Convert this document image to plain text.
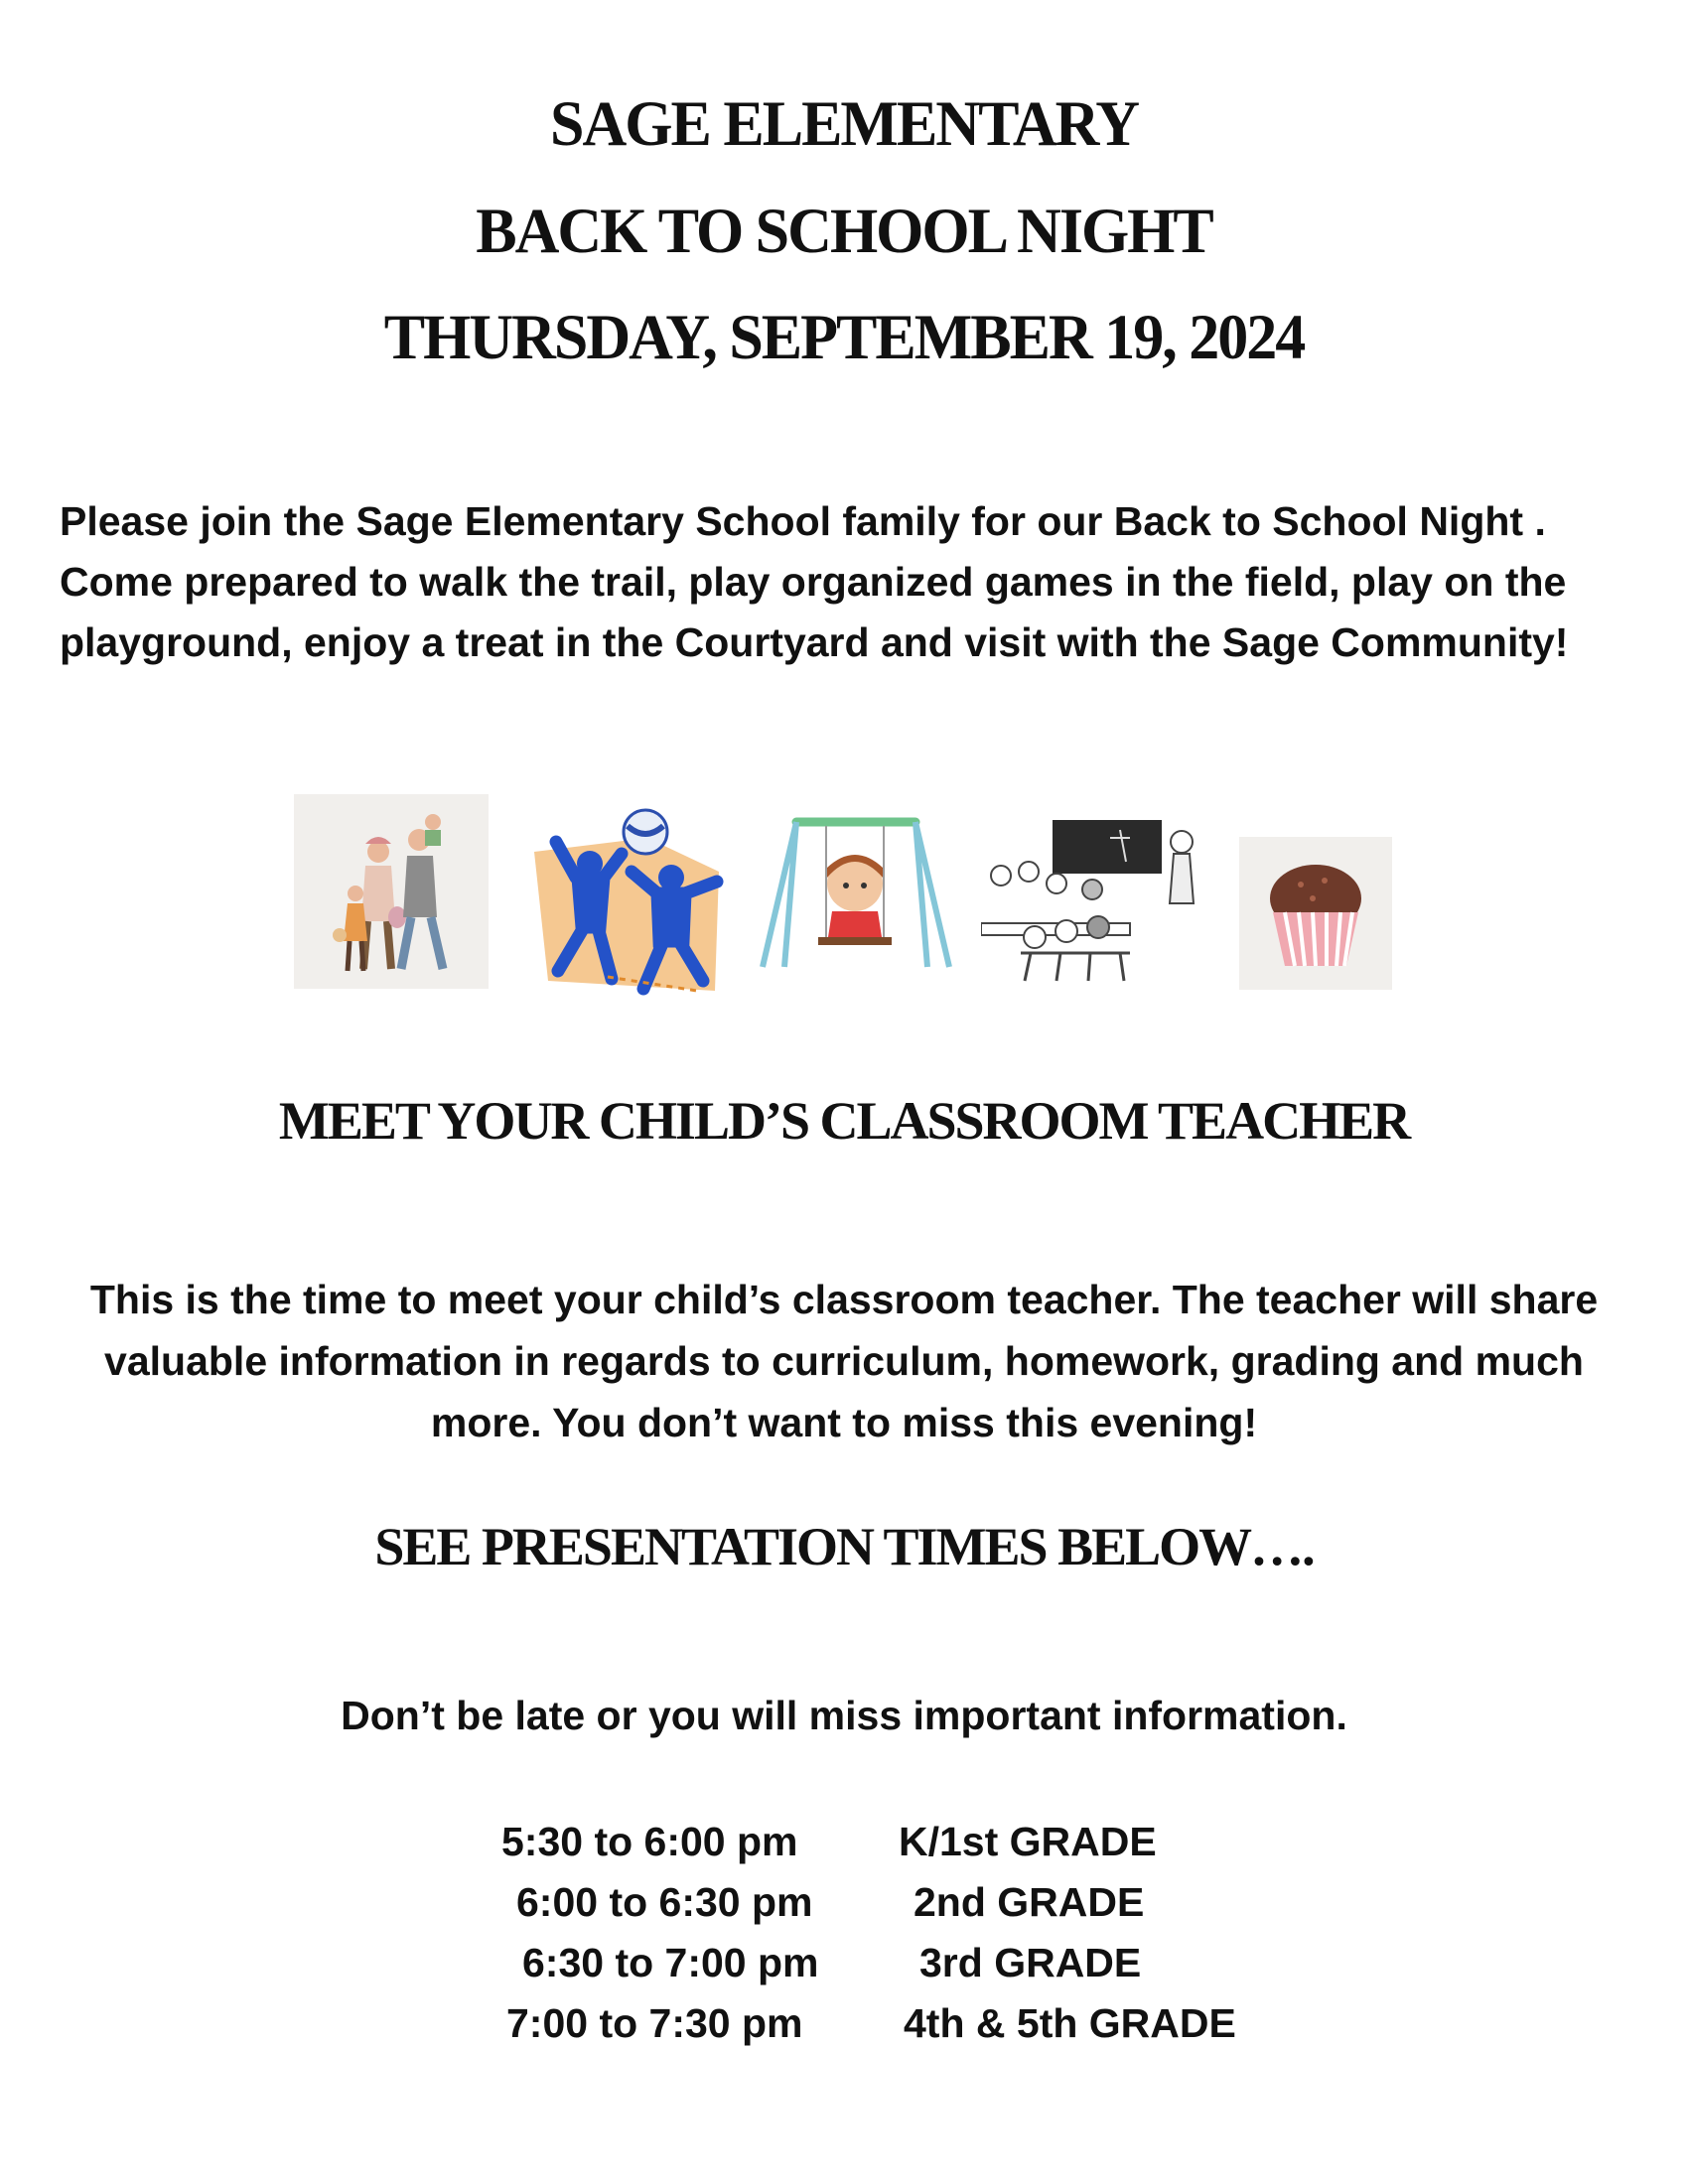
SAGE ELEMENTARY
BACK TO SCHOOL NIGHT
THURSDAY, SEPTEMBER 19, 2024

Please join the Sage Elementary School family for our Back to School Night . Come prepared to walk the trail, play organized games in the field, play on the playground, enjoy a treat in the Courtyard and visit with the Sage Community!

MEET YOUR CHILD’S CLASSROOM TEACHER

This is the time to meet your child’s classroom teacher. The teacher will share valuable information in regards to curriculum, homework, grading and much more. You don’t want to miss this evening!

SEE PRESENTATION TIMES BELOW….
Don’t be late or you will miss important information.
5:30 to 6:00 pm K/1st GRADE
6:00 to 6:30 pm 2nd GRADE
6:30 to 7:00 pm 3rd GRADE
7:00 to 7:30 pm 4th & 5th GRADE
